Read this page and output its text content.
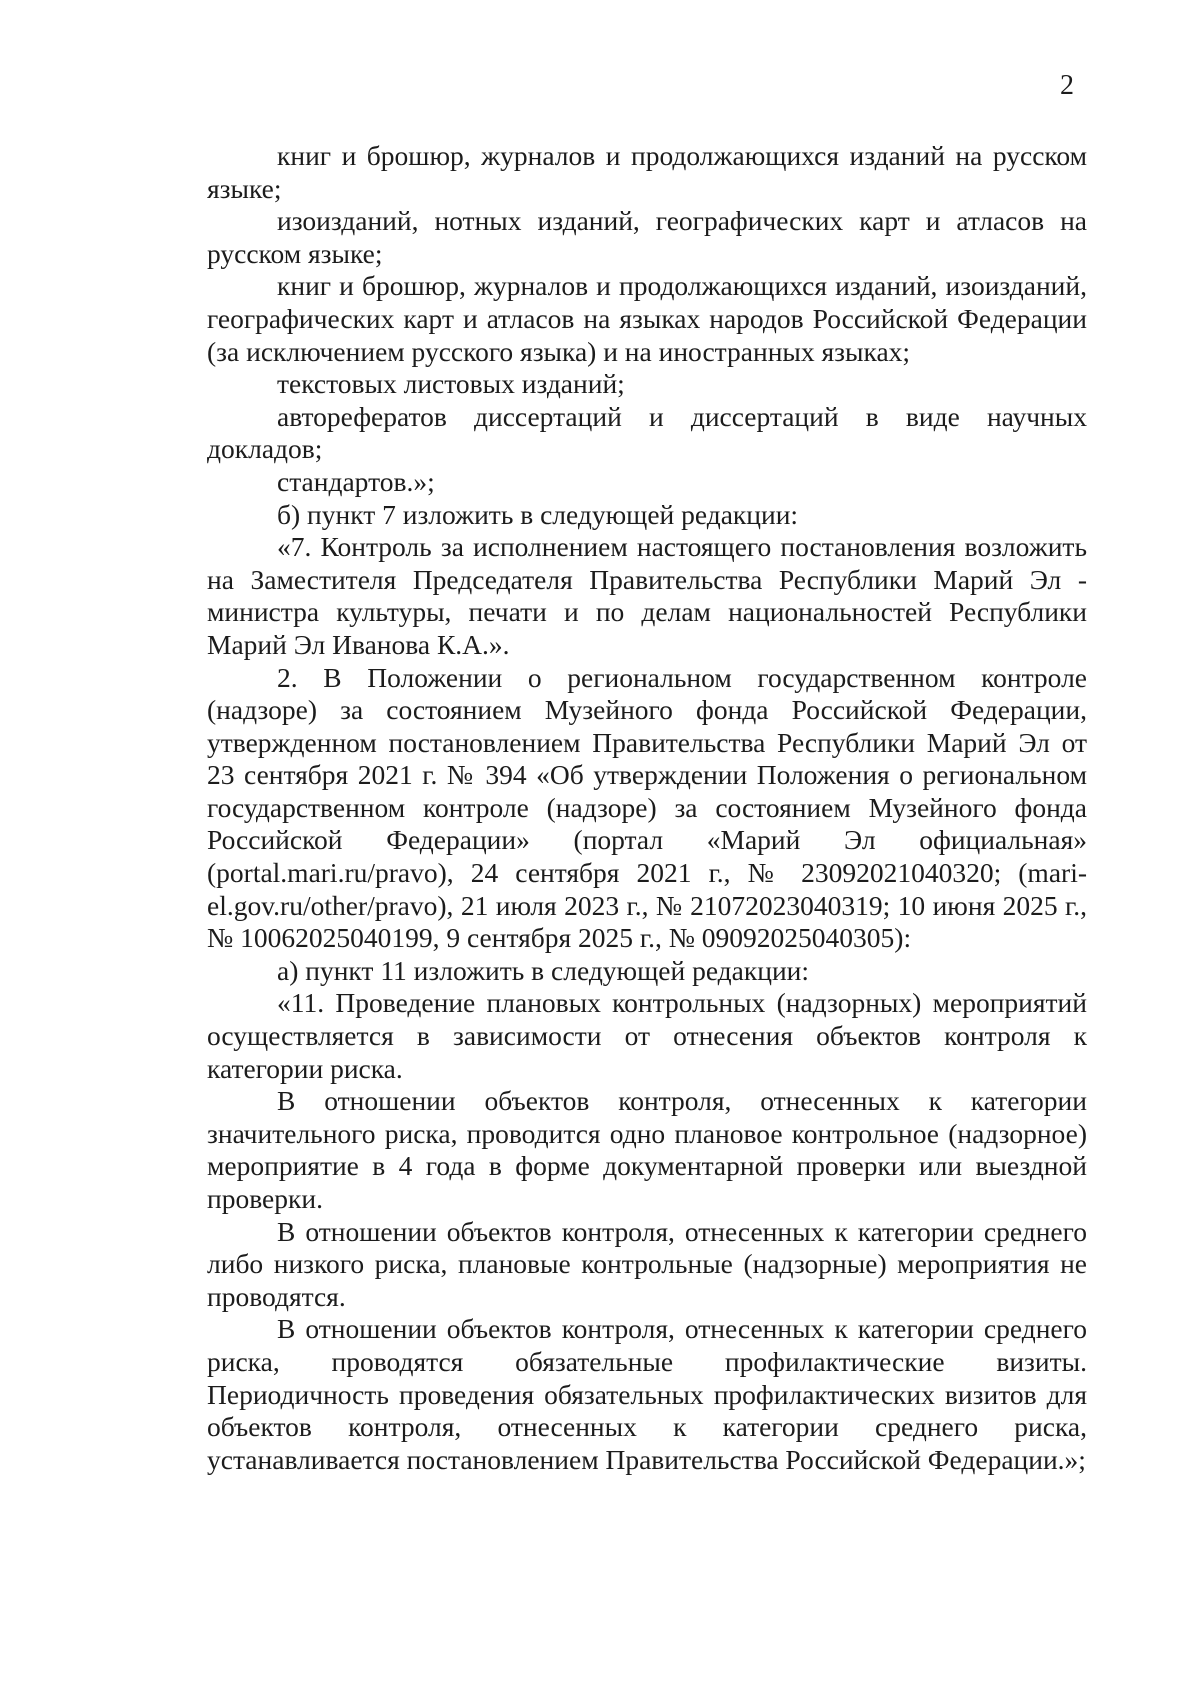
2

книг и брошюр, журналов и продолжающихся изданий на русском языке;

изоизданий, нотных изданий, географических карт и атласов на русском языке;

книг и брошюр, журналов и продолжающихся изданий, изоизданий, географических карт и атласов на языках народов Российской Федерации (за исключением русского языка) и на иностранных языках;

текстовых листовых изданий;

авторефератов диссертаций и диссертаций в виде научных докладов;

стандартов.»;

б) пункт 7 изложить в следующей редакции:

«7. Контроль за исполнением настоящего постановления возложить на Заместителя Председателя Правительства Республики Марий Эл - министра культуры, печати и по делам национальностей Республики Марий Эл Иванова К.А.».

2. В Положении о региональном государственном контроле (надзоре) за состоянием Музейного фонда Российской Федерации, утвержденном постановлением Правительства Республики Марий Эл от 23 сентября 2021 г. № 394 «Об утверждении Положения о региональном государственном контроле (надзоре) за состоянием Музейного фонда Российской Федерации» (портал «Марий Эл официальная» (portal.mari.ru/pravo), 24 сентября 2021 г., № 23092021040320; (mari-el.gov.ru/other/pravo), 21 июля 2023 г., № 21072023040319; 10 июня 2025 г., № 10062025040199, 9 сентября 2025 г., № 09092025040305):

а) пункт 11 изложить в следующей редакции:

«11. Проведение плановых контрольных (надзорных) мероприятий осуществляется в зависимости от отнесения объектов контроля к категории риска.

В отношении объектов контроля, отнесенных к категории значительного риска, проводится одно плановое контрольное (надзорное) мероприятие в 4 года в форме документарной проверки или выездной проверки.

В отношении объектов контроля, отнесенных к категории среднего либо низкого риска, плановые контрольные (надзорные) мероприятия не проводятся.

В отношении объектов контроля, отнесенных к категории среднего риска, проводятся обязательные профилактические визиты. Периодичность проведения обязательных профилактических визитов для объектов контроля, отнесенных к категории среднего риска, устанавливается постановлением Правительства Российской Федерации.»;
